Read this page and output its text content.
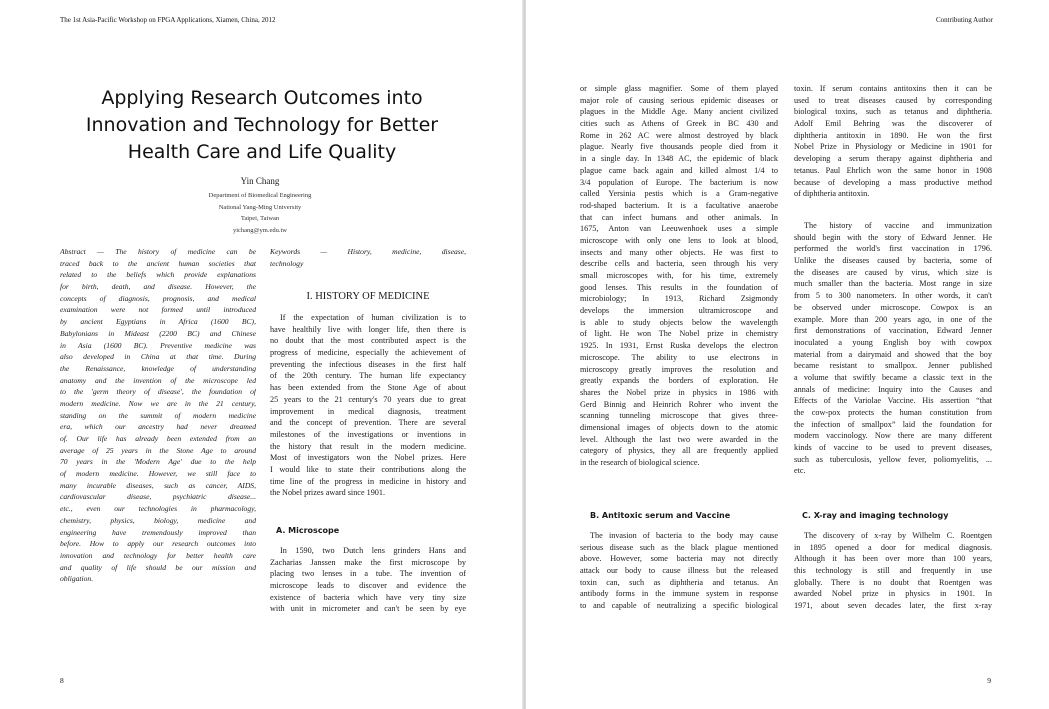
The 1st Asia-Pacific Workshop on FPGA Applications, Xiamen, China, 2012
Applying Research Outcomes into
Innovation and Technology for Better
Health Care and Life Quality
Yin Chang
Department of Biomedical Engineering
National Yang-Ming University
Taipei, Taiwan
yichang@ym.edu.tw
Abstract — The history of medicine can be
traced back to the ancient human societies that
related to the beliefs which provide explanations
for birth, death, and disease. However, the
concepts of diagnosis, prognosis, and medical
examination were not formed until introduced
by ancient Egyptians in Africa (1600 BC),
Babylonians in Mideast (2200 BC) and Chinese
in Asia (1600 BC). Preventive medicine was
also developed in China at that time. During
the Renaissance, knowledge of understanding
anatomy and the invention of the microscope led
to the 'germ theory of disease', the foundation of
modern medicine. Now we are in the 21 century,
standing on the summit of modern medicine
era, which our ancestry had never dreamed
of. Our life has already been extended from an
average of 25 years in the Stone Age to around
70 years in the 'Modern Age' due to the help
of modern medicine. However, we still face to
many incurable diseases, such as cancer, AIDS,
cardiovascular disease, psychiatric disease...
etc., even our technologies in pharmacology,
chemistry, physics, biology, medicine and
engineering have tremendously improved than
before. How to apply our research outcomes into
innovation and technology for better health care
and quality of life should be our mission and
obligation.
Keywords — History, medicine, disease,
technology
I. HISTORY OF MEDICINE
If the expectation of human civilization is to
have healthily live with longer life, then there is
no doubt that the most contributed aspect is the
progress of medicine, especially the achievement of
preventing the infectious diseases in the first half
of the 20th century. The human life expectancy
has been extended from the Stone Age of about
25 years to the 21 century's 70 years due to great
improvement in medical diagnosis, treatment
and the concept of prevention. There are several
milestones of the investigations or inventions in
the history that result in the modern medicine.
Most of investigators won the Nobel prizes. Here
I would like to state their contributions along the
time line of the progress in medicine in history and
the Nobel prizes award since 1901.
A. Microscope
In 1590, two Dutch lens grinders Hans and
Zacharias Janssen make the first microscope by
placing two lenses in a tube. The invention of
microscope leads to discover and evidence the
existence of bacteria which have very tiny size
with unit in micrometer and can't be seen by eye
8
Contributing Author
or simple glass magnifier. Some of them played
major role of causing serious epidemic diseases or
plagues in the Middle Age. Many ancient civilized
cities such as Athens of Greek in BC 430 and
Rome in 262 AC were almost destroyed by black
plague. Nearly five thousands people died from it
in a single day. In 1348 AC, the epidemic of black
plague came back again and killed almost 1/4 to
3/4 population of Europe. The bacterium is now
called Yersinia pestis which is a Gram-negative
rod-shaped bacterium. It is a facultative anaerobe
that can infect humans and other animals. In
1675, Anton van Leeuwenhoek uses a simple
microscope with only one lens to look at blood,
insects and many other objects. He was first to
describe cells and bacteria, seen through his very
small microscopes with, for his time, extremely
good lenses. This results in the foundation of
microbiology; In 1913, Richard Zsigmondy
develops the immersion ultramicroscope and
is able to study objects below the wavelength
of light. He won The Nobel prize in chemistry
1925. In 1931, Ernst Ruska develops the electron
microscope. The ability to use electrons in
microscopy greatly improves the resolution and
greatly expands the borders of exploration. He
shares the Nobel prize in physics in 1986 with
Gerd Binnig and Heinrich Rohrer who invent the
scanning tunneling microscope that gives three-
dimensional images of objects down to the atomic
level. Although the last two were awarded in the
category of physics, they all are frequently applied
in the research of biological science.
B. Antitoxic serum and Vaccine
The invasion of bacteria to the body may cause
serious disease such as the black plague mentioned
above. However, some bacteria may not directly
attack our body to cause illness but the released
toxin can, such as diphtheria and tetanus. An
antibody forms in the immune system in response
to and capable of neutralizing a specific biological
toxin. If serum contains antitoxins then it can be
used to treat diseases caused by corresponding
biological toxins, such as tetanus and diphtheria.
Adolf Emil Behring was the discoverer of
diphtheria antitoxin in 1890. He won the first
Nobel Prize in Physiology or Medicine in 1901 for
developing a serum therapy against diphtheria and
tetanus. Paul Ehrlich won the same honor in 1908
because of developing a mass productive method
of diphtheria antitoxin.
The history of vaccine and immunization
should begin with the story of Edward Jenner. He
performed the world's first vaccination in 1796.
Unlike the diseases caused by bacteria, some of
the diseases are caused by virus, which size is
much smaller than the bacteria. Most range in size
from 5 to 300 nanometers. In other words, it can't
be observed under microscope. Cowpox is an
example. More than 200 years ago, in one of the
first demonstrations of vaccination, Edward Jenner
inoculated a young English boy with cowpox
material from a dairymaid and showed that the boy
became resistant to smallpox. Jenner published
a volume that swiftly became a classic text in the
annals of medicine: Inquiry into the Causes and
Effects of the Variolae Vaccine. His assertion “that
the cow-pox protects the human constitution from
the infection of smallpox” laid the foundation for
modern vaccinology. Now there are many different
kinds of vaccine to be used to prevent diseases,
such as tuberculosis, yellow fever, poliomyelitis, ...
etc.
C. X-ray and imaging technology
The discovery of x-ray by Wilhelm C. Roentgen
in 1895 opened a door for medical diagnosis.
Although it has been over more than 100 years,
this technology is still and frequently in use
globally. There is no doubt that Roentgen was
awarded Nobel prize in physics in 1901. In
1971, about seven decades later, the first x-ray
9
